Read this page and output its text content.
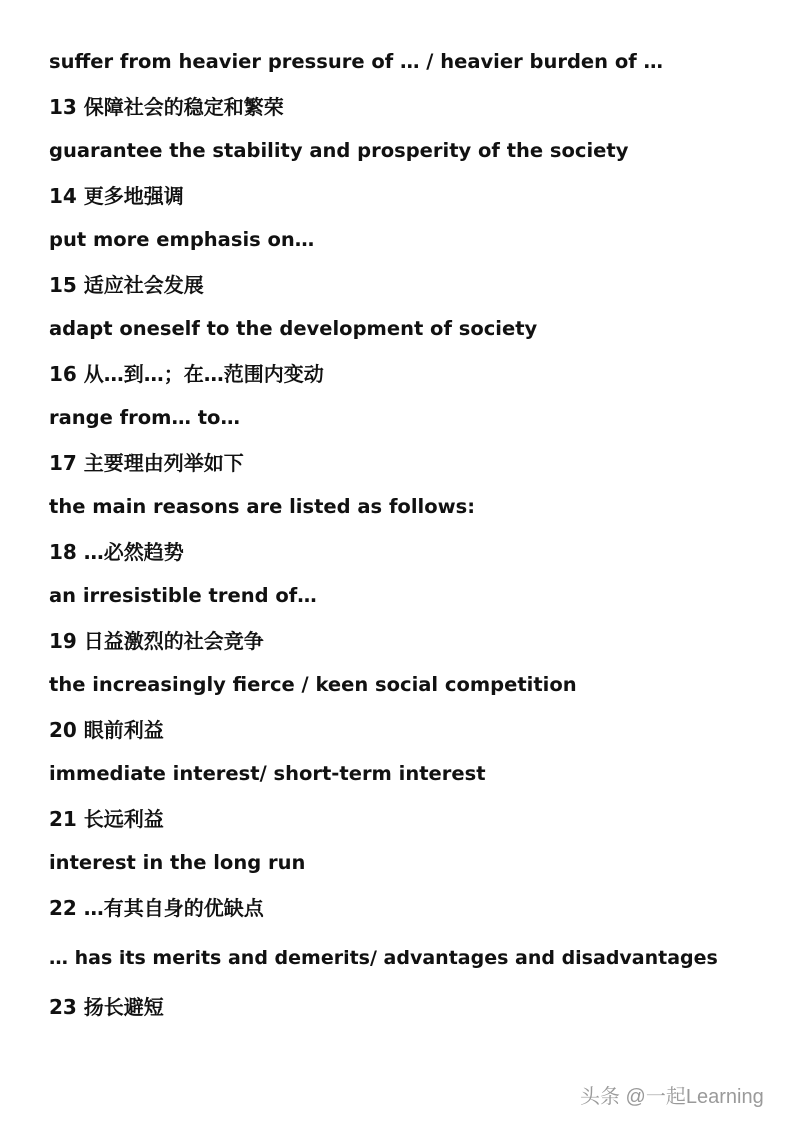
suffer from heavier pressure of … / heavier burden of …

13 保障社会的稳定和繁荣

guarantee the stability and prosperity of the society

14 更多地强调

put more emphasis on…

15 适应社会发展

adapt oneself to the development of society

16 从…到…；在…范围内变动

range from… to…

17 主要理由列举如下

the main reasons are listed as follows:

18 …必然趋势

an irresistible trend of…

19 日益激烈的社会竞争

the increasingly fierce / keen social competition

20 眼前利益

immediate interest/ short-term interest

21 长远利益

interest in the long run

22 …有其自身的优缺点

… has its merits and demerits/ advantages and disadvantages

23 扬长避短

头条 @一起Learning
